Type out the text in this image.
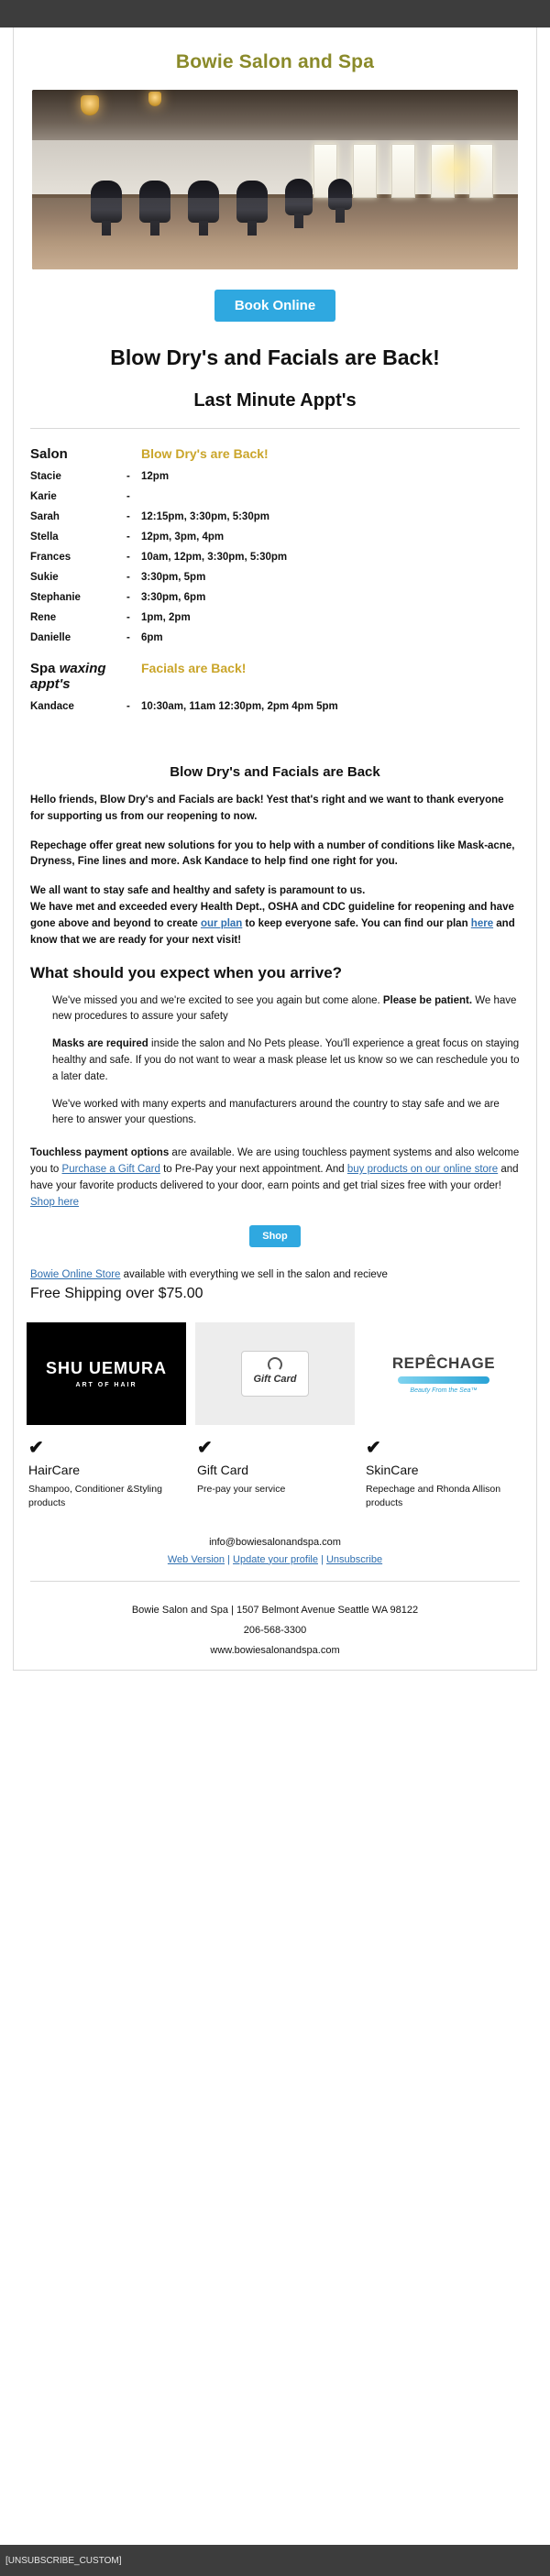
Bowie Salon and Spa
Book Online
Blow Dry's and Facials are Back!
Last Minute Appt's
Salon		Blow Dry's are Back!
Stacie	-	12pm
Karie	-	
Sarah	-	12:15pm, 3:30pm, 5:30pm
Stella	-	12pm, 3pm, 4pm
Frances	-	10am, 12pm, 3:30pm, 5:30pm
Sukie	-	3:30pm, 5pm
Stephanie	-	3:30pm, 6pm
Rene	-	1pm, 2pm
Danielle	-	6pm
Spa waxing appt's		Facials are Back!
Kandace	-	10:30am, 11am 12:30pm, 2pm 4pm 5pm
Blow Dry's and Facials are Back

Hello friends, Blow Dry's and Facials are back! Yest that's right and we want to thank everyone for supporting us from our reopening to now.

Repechage offer great new solutions for you to help with a number of conditions like Mask-acne, Dryness, Fine lines and more. Ask Kandace to help find one right for you.

We all want to stay safe and healthy and safety is paramount to us.
We have met and exceeded every Health Dept., OSHA and CDC guideline for reopening and have gone above and beyond to create our plan to keep everyone safe. You can find our plan here and know that we are ready for your next visit!

What should you expect when you arrive?

We've missed you and we're excited to see you again but come alone. Please be patient. We have new procedures to assure your safety

Masks are required inside the salon and No Pets please. You'll experience a great focus on staying healthy and safe. If you do not want to wear a mask please let us know so we can reschedule you to a later date.

We've worked with many experts and manufacturers around the country to stay safe and we are here to answer your questions.

Touchless payment options are available. We are using touchless payment systems and also welcome you to Purchase a Gift Card to Pre-Pay your next appointment. And buy products on our online store and have your favorite products delivered to your door, earn points and get trial sizes free with your order! Shop here
Shop
Bowie Online Store available with everything we sell in the salon and recieve
Free Shipping over $75.00
SHU UEMURA
ART OF HAIR
✔
HairCare
Shampoo, Conditioner &Styling products
Gift Card
✔
Gift Card
Pre-pay your service
REPÊCHAGE
Beauty From the Sea™
✔
SkinCare
Repechage and Rhonda Allison products
info@bowiesalonandspa.com
Web Version | Update your profile | Unsubscribe
Bowie Salon and Spa | 1507 Belmont Avenue Seattle WA 98122
206-568-3300
www.bowiesalonandspa.com
[UNSUBSCRIBE_CUSTOM]
